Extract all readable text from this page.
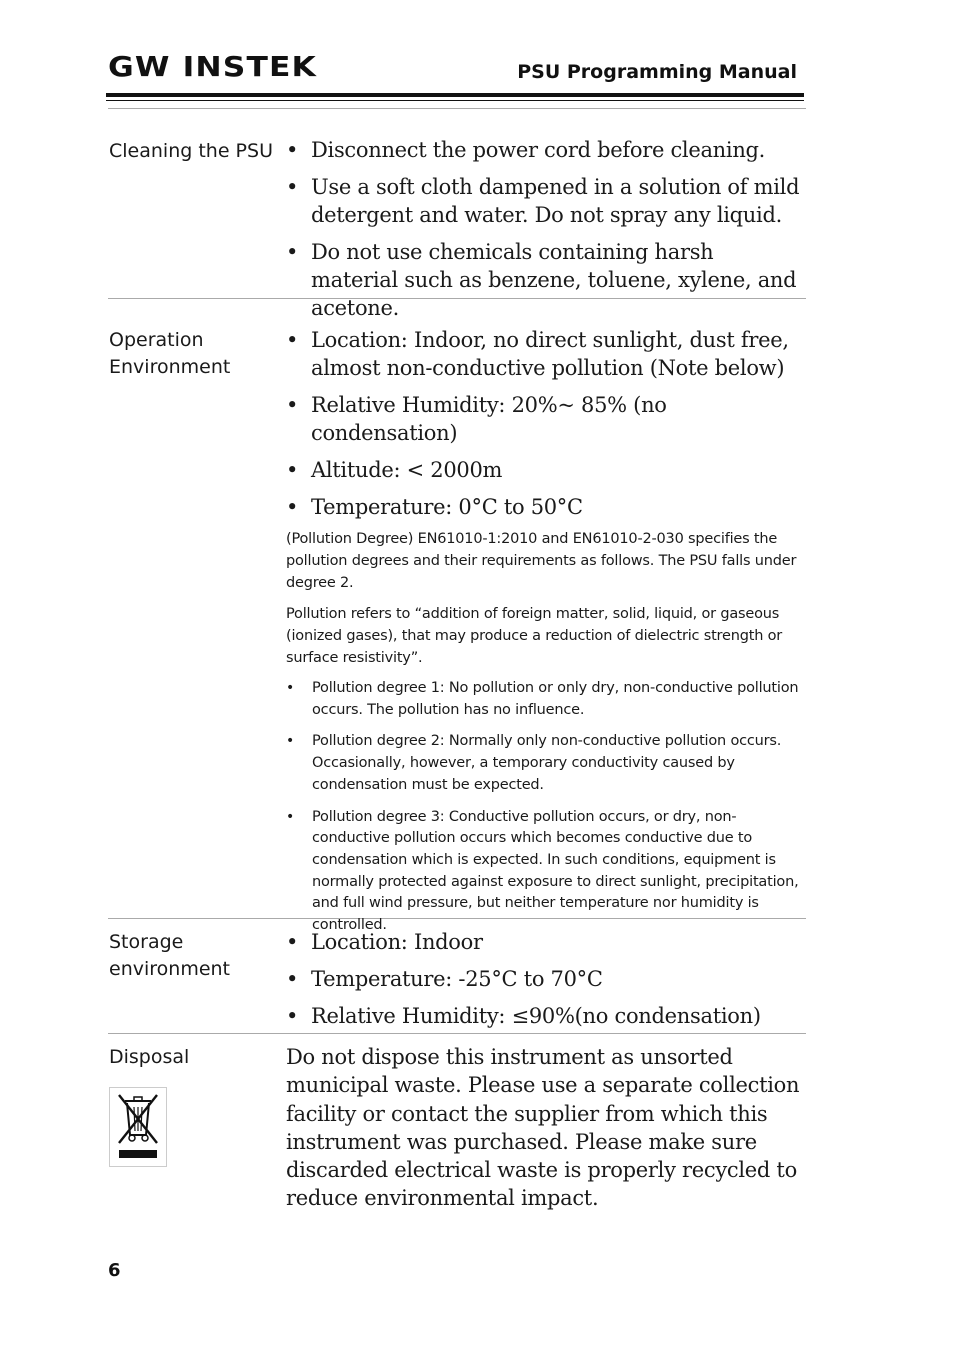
GW INSTEK	PSU Programming Manual
Cleaning the PSU
•	Disconnect the power cord before cleaning.
• Use a soft cloth dampened in a solution of mild detergent and water. Do not spray any liquid.
• Do not use chemicals containing harsh material such as benzene, toluene, xylene, and acetone.
Operation Environment
• Location: Indoor, no direct sunlight, dust free, almost non-conductive pollution (Note below)
• Relative Humidity: 20%~ 85% (no condensation)
• Altitude: < 2000m
• Temperature: 0°C to 50°C

(Pollution Degree) EN61010-1:2010 and EN61010-2-030 specifies the pollution degrees and their requirements as follows. The PSU falls under degree 2.

Pollution refers to “addition of foreign matter, solid, liquid, or gaseous (ionized gases), that may produce a reduction of dielectric strength or surface resistivity”.

• Pollution degree 1: No pollution or only dry, non-conductive pollution occurs. The pollution has no influence.
• Pollution degree 2: Normally only non-conductive pollution occurs. Occasionally, however, a temporary conductivity caused by condensation must be expected.
• Pollution degree 3: Conductive pollution occurs, or dry, non-conductive pollution occurs which becomes conductive due to condensation which is expected. In such conditions, equipment is normally protected against exposure to direct sunlight, precipitation, and full wind pressure, but neither temperature nor humidity is controlled.
Storage environment
• Location: Indoor
• Temperature: -25°C to 70°C
• Relative Humidity: ≤90%(no condensation)
Disposal	Do not dispose this instrument as unsorted municipal waste. Please use a separate collection facility or contact the supplier from which this instrument was purchased. Please make sure discarded electrical waste is properly recycled to reduce environmental impact.

6
